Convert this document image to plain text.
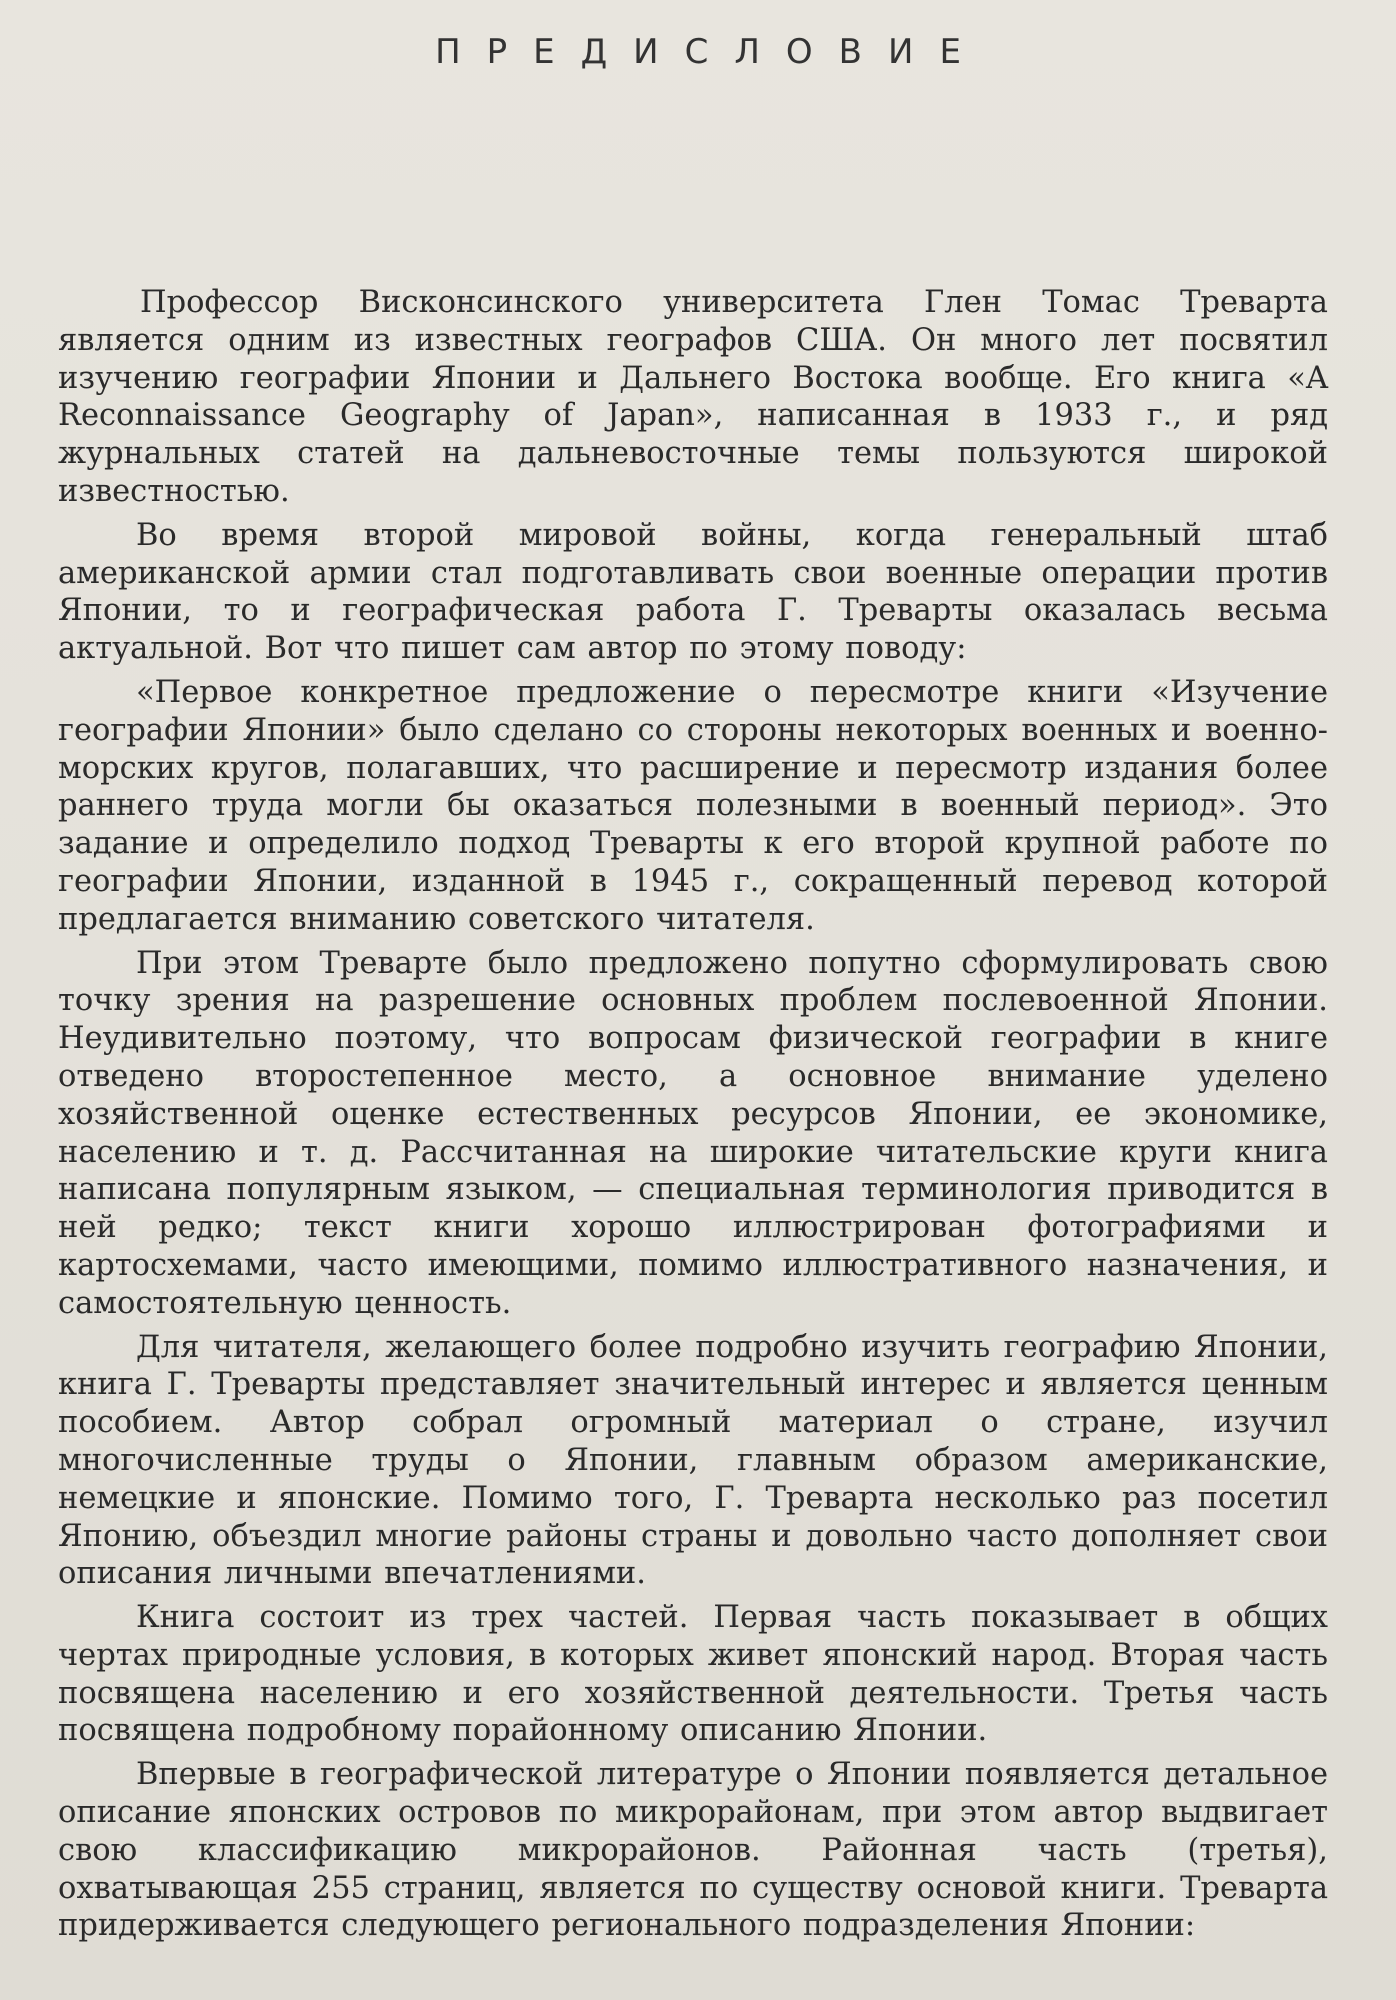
ПРЕДИСЛОВИЕ

Профессор Висконсинского университета Глен Томас Треварта является одним из известных географов США. Он много лет посвятил изучению географии Японии и Дальнего Востока вообще. Его книга «A Reconnaissance Geography of Japan», написанная в 1933 г., и ряд журнальных статей на дальневосточные темы пользуются широкой известностью.

Во время второй мировой войны, когда генеральный штаб американской армии стал подготавливать свои военные операции против Японии, то и географическая работа Г. Треварты оказалась весьма актуальной. Вот что пишет сам автор по этому поводу:

«Первое конкретное предложение о пересмотре книги «Изучение географии Японии» было сделано со стороны некоторых военных и военно-морских кругов, полагавших, что расширение и пересмотр издания более раннего труда могли бы оказаться полезными в военный период». Это задание и определило подход Треварты к его второй крупной работе по географии Японии, изданной в 1945 г., сокращенный перевод которой предлагается вниманию советского читателя.

При этом Треварте было предложено попутно сформулировать свою точку зрения на разрешение основных проблем послевоенной Японии. Неудивительно поэтому, что вопросам физической географии в книге отведено второстепенное место, а основное внимание уделено хозяйственной оценке естественных ресурсов Японии, ее экономике, населению и т. д. Рассчитанная на широкие читательские круги книга написана популярным языком, — специальная терминология приводится в ней редко; текст книги хорошо иллюстрирован фотографиями и картосхемами, часто имеющими, помимо иллюстративного назначения, и самостоятельную ценность.

Для читателя, желающего более подробно изучить географию Японии, книга Г. Треварты представляет значительный интерес и является ценным пособием. Автор собрал огромный материал о стране, изучил многочисленные труды о Японии, главным образом американские, немецкие и японские. Помимо того, Г. Треварта несколько раз посетил Японию, объездил многие районы страны и довольно часто дополняет свои описания личными впечатлениями.

Книга состоит из трех частей. Первая часть показывает в общих чертах природные условия, в которых живет японский народ. Вторая часть посвящена населению и его хозяйственной деятельности. Третья часть посвящена подробному порайонному описанию Японии.

Впервые в географической литературе о Японии появляется детальное описание японских островов по микрорайонам, при этом автор выдвигает свою классификацию микрорайонов. Районная часть (третья), охватывающая 255 страниц, является по существу основой книги. Треварта придерживается следующего регионального подразделения Японии:
